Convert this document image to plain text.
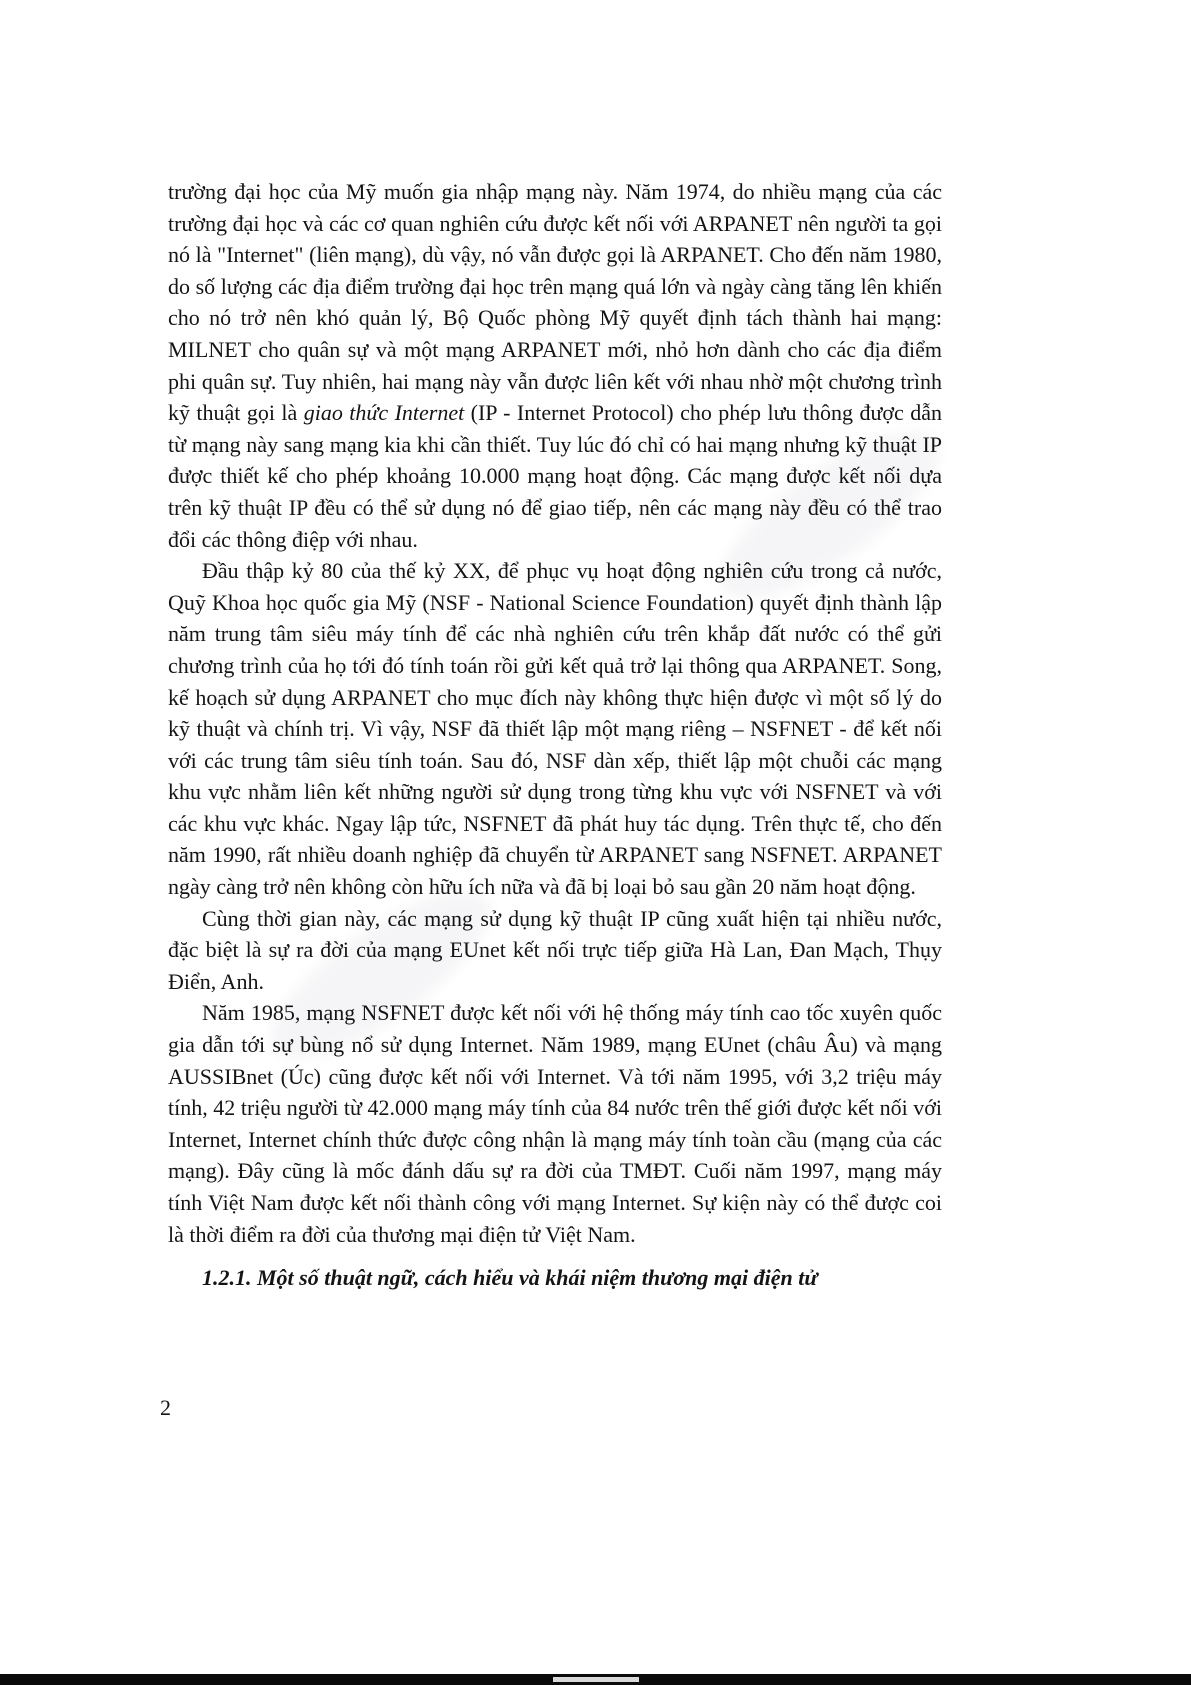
trường đại học của Mỹ muốn gia nhập mạng này. Năm 1974, do nhiều mạng của các trường đại học và các cơ quan nghiên cứu được kết nối với ARPANET nên người ta gọi nó là "Internet" (liên mạng), dù vậy, nó vẫn được gọi là ARPANET. Cho đến năm 1980, do số lượng các địa điểm trường đại học trên mạng quá lớn và ngày càng tăng lên khiến cho nó trở nên khó quản lý, Bộ Quốc phòng Mỹ quyết định tách thành hai mạng: MILNET cho quân sự và một mạng ARPANET mới, nhỏ hơn dành cho các địa điểm phi quân sự. Tuy nhiên, hai mạng này vẫn được liên kết với nhau nhờ một chương trình kỹ thuật gọi là giao thức Internet (IP - Internet Protocol) cho phép lưu thông được dẫn từ mạng này sang mạng kia khi cần thiết. Tuy lúc đó chỉ có hai mạng nhưng kỹ thuật IP được thiết kế cho phép khoảng 10.000 mạng hoạt động. Các mạng được kết nối dựa trên kỹ thuật IP đều có thể sử dụng nó để giao tiếp, nên các mạng này đều có thể trao đổi các thông điệp với nhau.

Đầu thập kỷ 80 của thế kỷ XX, để phục vụ hoạt động nghiên cứu trong cả nước, Quỹ Khoa học quốc gia Mỹ (NSF - National Science Foundation) quyết định thành lập năm trung tâm siêu máy tính để các nhà nghiên cứu trên khắp đất nước có thể gửi chương trình của họ tới đó tính toán rồi gửi kết quả trở lại thông qua ARPANET. Song, kế hoạch sử dụng ARPANET cho mục đích này không thực hiện được vì một số lý do kỹ thuật và chính trị. Vì vậy, NSF đã thiết lập một mạng riêng – NSFNET - để kết nối với các trung tâm siêu tính toán. Sau đó, NSF dàn xếp, thiết lập một chuỗi các mạng khu vực nhằm liên kết những người sử dụng trong từng khu vực với NSFNET và với các khu vực khác. Ngay lập tức, NSFNET đã phát huy tác dụng. Trên thực tế, cho đến năm 1990, rất nhiều doanh nghiệp đã chuyển từ ARPANET sang NSFNET. ARPANET ngày càng trở nên không còn hữu ích nữa và đã bị loại bỏ sau gần 20 năm hoạt động.

Cùng thời gian này, các mạng sử dụng kỹ thuật IP cũng xuất hiện tại nhiều nước, đặc biệt là sự ra đời của mạng EUnet kết nối trực tiếp giữa Hà Lan, Đan Mạch, Thụy Điển, Anh.

Năm 1985, mạng NSFNET được kết nối với hệ thống máy tính cao tốc xuyên quốc gia dẫn tới sự bùng nổ sử dụng Internet. Năm 1989, mạng EUnet (châu Âu) và mạng AUSSIBnet (Úc) cũng được kết nối với Internet. Và tới năm 1995, với 3,2 triệu máy tính, 42 triệu người từ 42.000 mạng máy tính của 84 nước trên thế giới được kết nối với Internet, Internet chính thức được công nhận là mạng máy tính toàn cầu (mạng của các mạng). Đây cũng là mốc đánh dấu sự ra đời của TMĐT. Cuối năm 1997, mạng máy tính Việt Nam được kết nối thành công với mạng Internet. Sự kiện này có thể được coi là thời điểm ra đời của thương mại điện tử Việt Nam.

1.2.1. Một số thuật ngữ, cách hiểu và khái niệm thương mại điện tử
2
